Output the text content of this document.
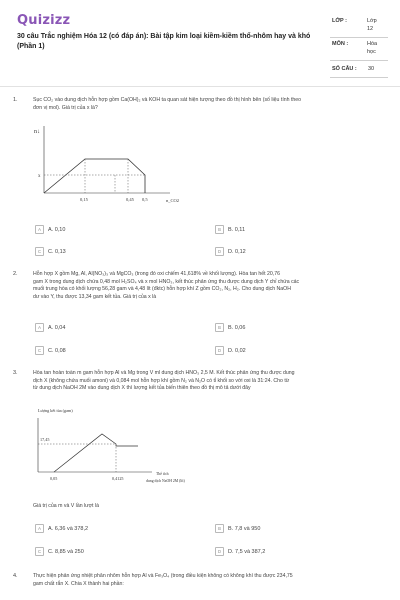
Quizizz
30 câu Trắc nghiệm Hóa 12 (có đáp án): Bài tập kim loại kiềm-kiềm thổ-nhôm hay và khó (Phần 1)
LỚP :	Lớp
12
MÔN :	Hóa
học
SỐ CÂU : 30
1.	Sục CO₂ vào dung dịch hỗn hợp gồm Ca(OH)₂ và KOH ta quan sát hiện tượng theo đồ thị hình bên (số liệu tính theo
đơn vị mol). Giá trị của x là?
n↓
x
0,15	0,45 0,5	n_CO2
A	A. 0,10	B	B. 0,11
C	C. 0,13	D	D. 0,12
2.	Hỗn hợp X gồm Mg, Al, Al(NO₃)₃ và MgCO₃ (trong đó oxi chiếm 41,618% về khối lượng). Hòa tan hết 20,76
gam X trong dung dịch chứa 0,48 mol H₂SO₄ và x mol HNO₃, kết thúc phản ứng thu được dung dịch Y chỉ chứa các
muối trung hòa có khối lượng 56,28 gam và 4,48 lít (đktc) hỗn hợp khí Z gồm CO₂, N₂, H₂. Cho dung dịch NaOH
dư vào Y, thu được 13,34 gam kết tủa. Giá trị của x là
A	A. 0,04	B	B. 0,06
C	C. 0,08	D	D. 0,02
3.	Hòa tan hoàn toàn m gam hỗn hợp Al và Mg trong V ml dung dịch HNO₃ 2,5 M. Kết thúc phản ứng thu được dung
dịch X (không chứa muối amoni) và 0,084 mol hỗn hợp khí gồm N₂ và N₂O có tỉ khối so với oxi là 31:24. Cho từ
từ dung dịch NaOH 2M vào dung dịch X thì lượng kết tủa biến thiên theo đồ thị mô tả dưới đây
Lượng kết tủa (gam)
17,45
0,05	0,4125
Thể tích
dung dịch NaOH 2M (lít)
Giá trị của m và V lần lượt là
A	A. 6,36 và 378,2	B	B. 7,8 và 950
C	C. 8,85 và 250	D	D. 7,5 và 387,2
4.	Thực hiện phản ứng nhiệt phân nhôm hỗn hợp Al và Fe₃O₄ (trong điều kiện không có không khí thu được 234,75
gam chất rắn X. Chia X thành hai phần:
